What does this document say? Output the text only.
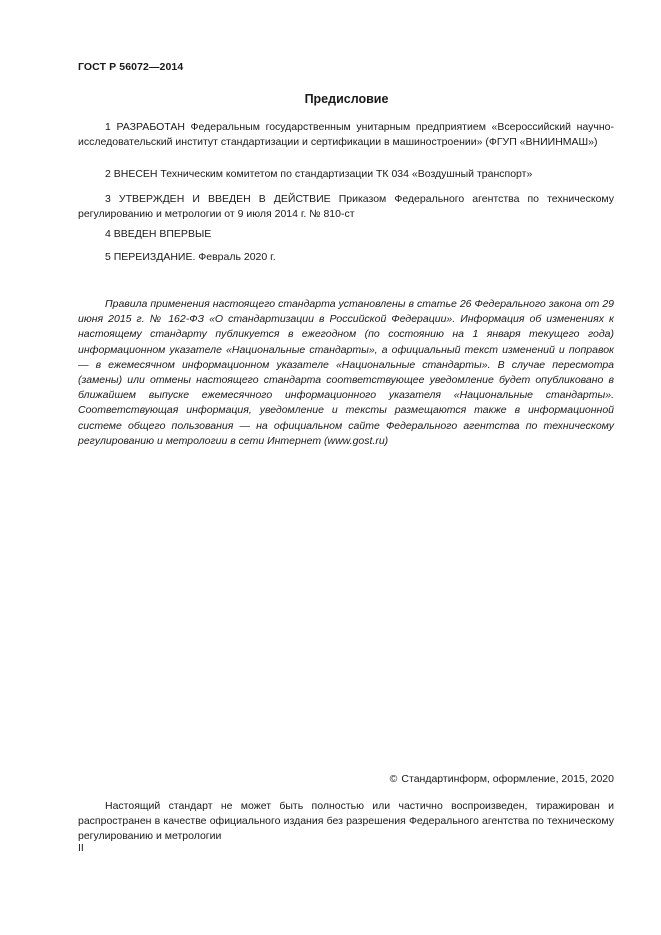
ГОСТ Р 56072—2014
Предисловие

1 РАЗРАБОТАН Федеральным государственным унитарным предприятием «Всероссийский научно-исследовательский институт стандартизации и сертификации в машиностроении» (ФГУП «ВНИИНМАШ»)

2 ВНЕСЕН Техническим комитетом по стандартизации ТК 034 «Воздушный транспорт»

3 УТВЕРЖДЕН И ВВЕДЕН В ДЕЙСТВИЕ Приказом Федерального агентства по техническому регулированию и метрологии от 9 июля 2014 г. № 810-ст

4 ВВЕДЕН ВПЕРВЫЕ

5 ПЕРЕИЗДАНИЕ. Февраль 2020 г.

Правила применения настоящего стандарта установлены в статье 26 Федерального закона от 29 июня 2015 г. № 162-ФЗ «О стандартизации в Российской Федерации». Информация об изменениях к настоящему стандарту публикуется в ежегодном (по состоянию на 1 января текущего года) информационном указателе «Национальные стандарты», а официальный текст изменений и поправок — в ежемесячном информационном указателе «Национальные стандарты». В случае пересмотра (замены) или отмены настоящего стандарта соответствующее уведомление будет опубликовано в ближайшем выпуске ежемесячного информационного указателя «Национальные стандарты». Соответствующая информация, уведомление и тексты размещаются также в информационной системе общего пользования — на официальном сайте Федерального агентства по техническому регулированию и метрологии в сети Интернет (www.gost.ru)

© Стандартинформ, оформление, 2015, 2020

Настоящий стандарт не может быть полностью или частично воспроизведен, тиражирован и распространен в качестве официального издания без разрешения Федерального агентства по техническому регулированию и метрологии

II
